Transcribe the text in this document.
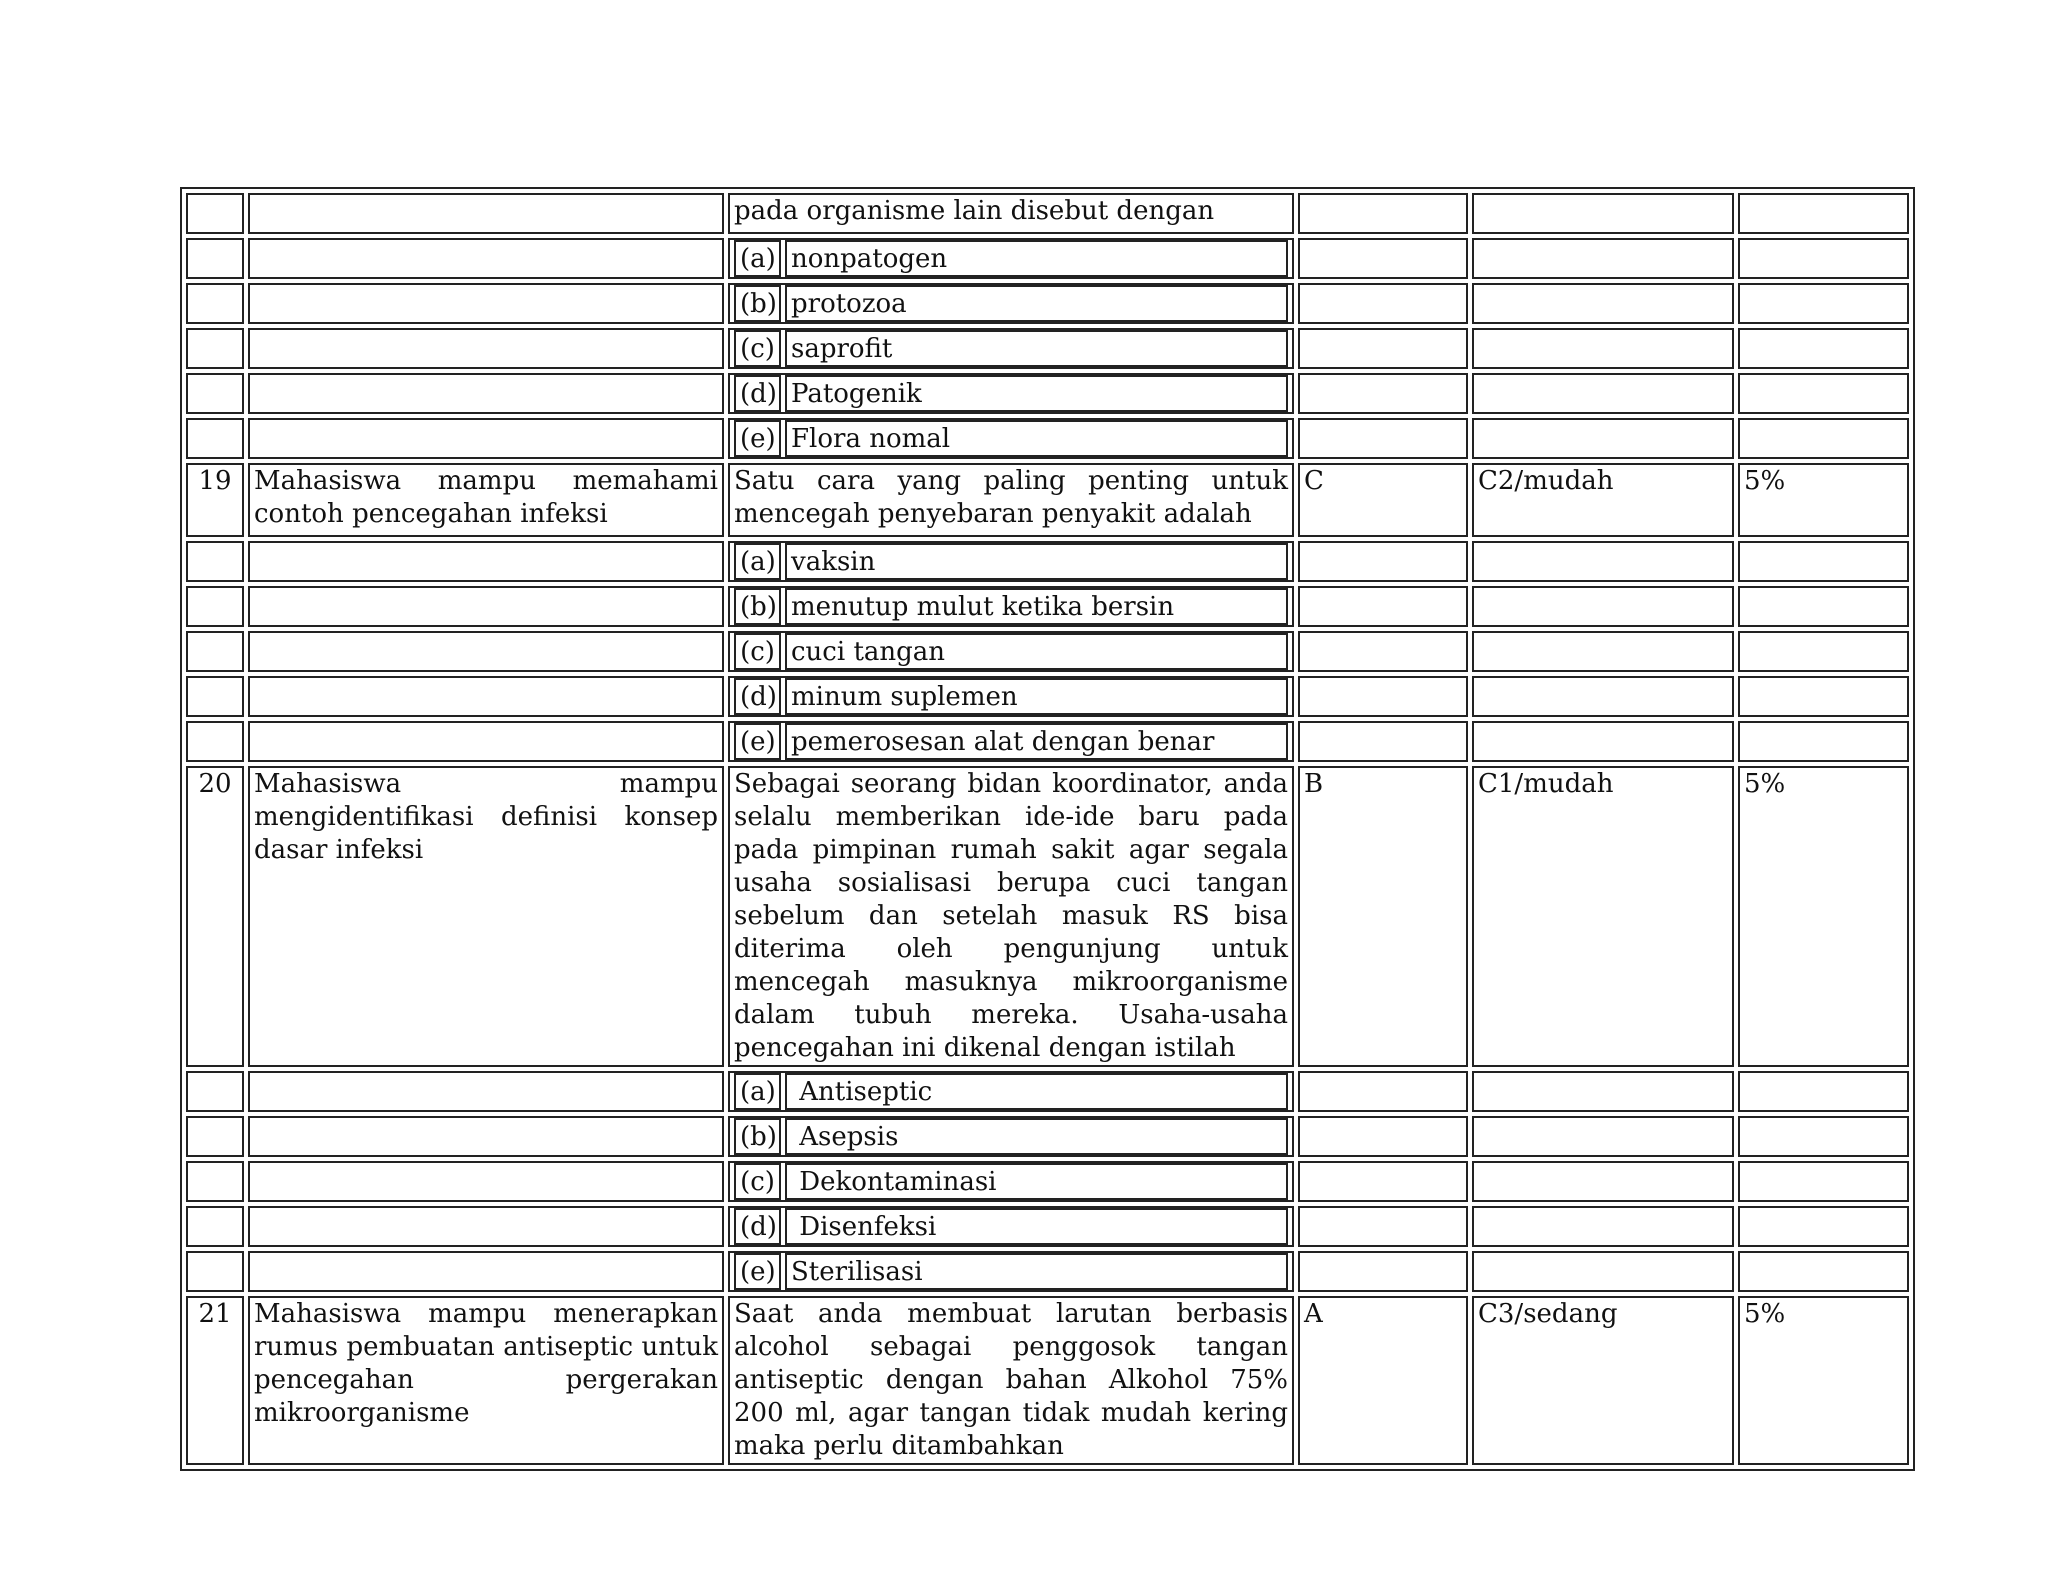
		pada organisme lain disebut dengan			

		(a) nonpatogen			

		(b) protozoa			

		(c) saprofit			

		(d) Patogenik			

		(e) Flora nomal			

19	Mahasiswa mampu memahami contoh pencegahan infeksi	Satu cara yang paling penting untuk mencegah penyebaran penyakit adalah	C	C2/mudah	5%

		(a) vaksin			

		(b) menutup mulut ketika bersin			

		(c) cuci tangan			

		(d) minum suplemen			

		(e) pemerosesan alat dengan benar			

20	Mahasiswa mampu mengidentifikasi definisi konsep dasar infeksi	Sebagai seorang bidan koordinator, anda selalu memberikan ide-ide baru pada pada pimpinan rumah sakit agar segala usaha sosialisasi berupa cuci tangan sebelum dan setelah masuk RS bisa diterima oleh pengunjung untuk mencegah masuknya mikroorganisme dalam tubuh mereka. Usaha-usaha pencegahan ini dikenal dengan istilah	B	C1/mudah	5%

		(a) Antiseptic			

		(b) Asepsis			

		(c) Dekontaminasi			

		(d) Disenfeksi			

		(e) Sterilisasi			

21	Mahasiswa mampu menerapkan rumus pembuatan antiseptic untuk pencegahan pergerakan mikroorganisme	Saat anda membuat larutan berbasis alcohol sebagai penggosok tangan antiseptic dengan bahan Alkohol 75% 200 ml, agar tangan tidak mudah kering maka perlu ditambahkan	A	C3/sedang	5%
